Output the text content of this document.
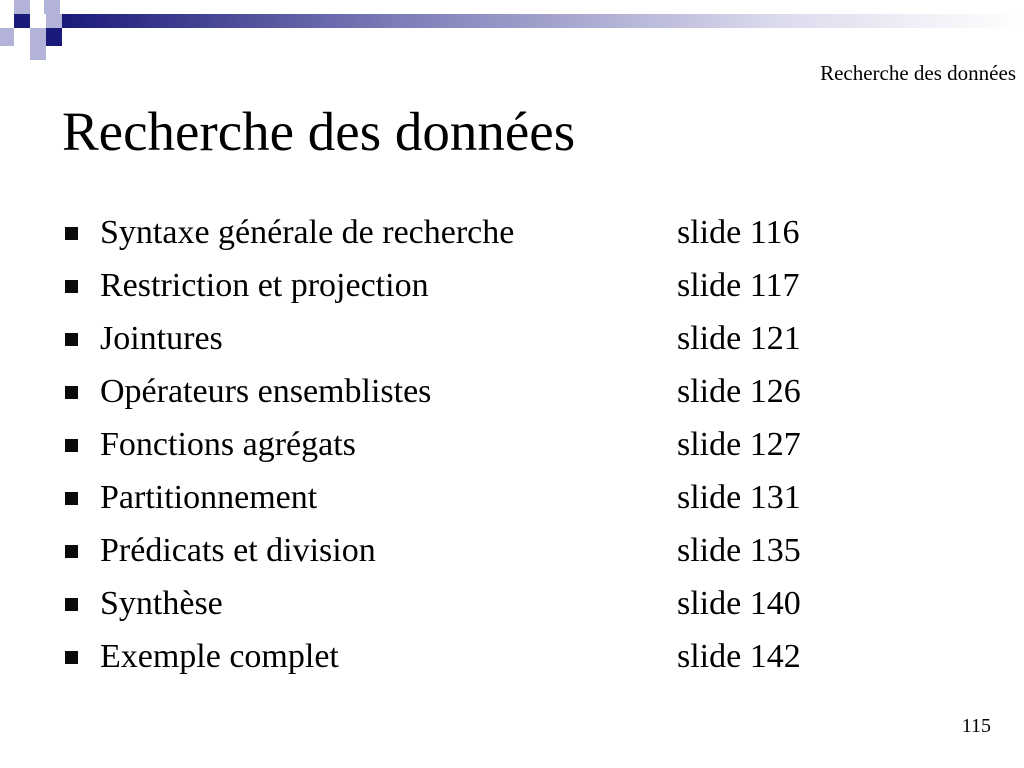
Recherche des données
Recherche des données
Syntaxe générale de recherche	slide 116
Restriction et projection	slide 117
Jointures	slide 121
Opérateurs ensemblistes	slide 126
Fonctions agrégats	slide 127
Partitionnement	slide 131
Prédicats et division	slide 135
Synthèse	slide 140
Exemple complet	slide 142
115
